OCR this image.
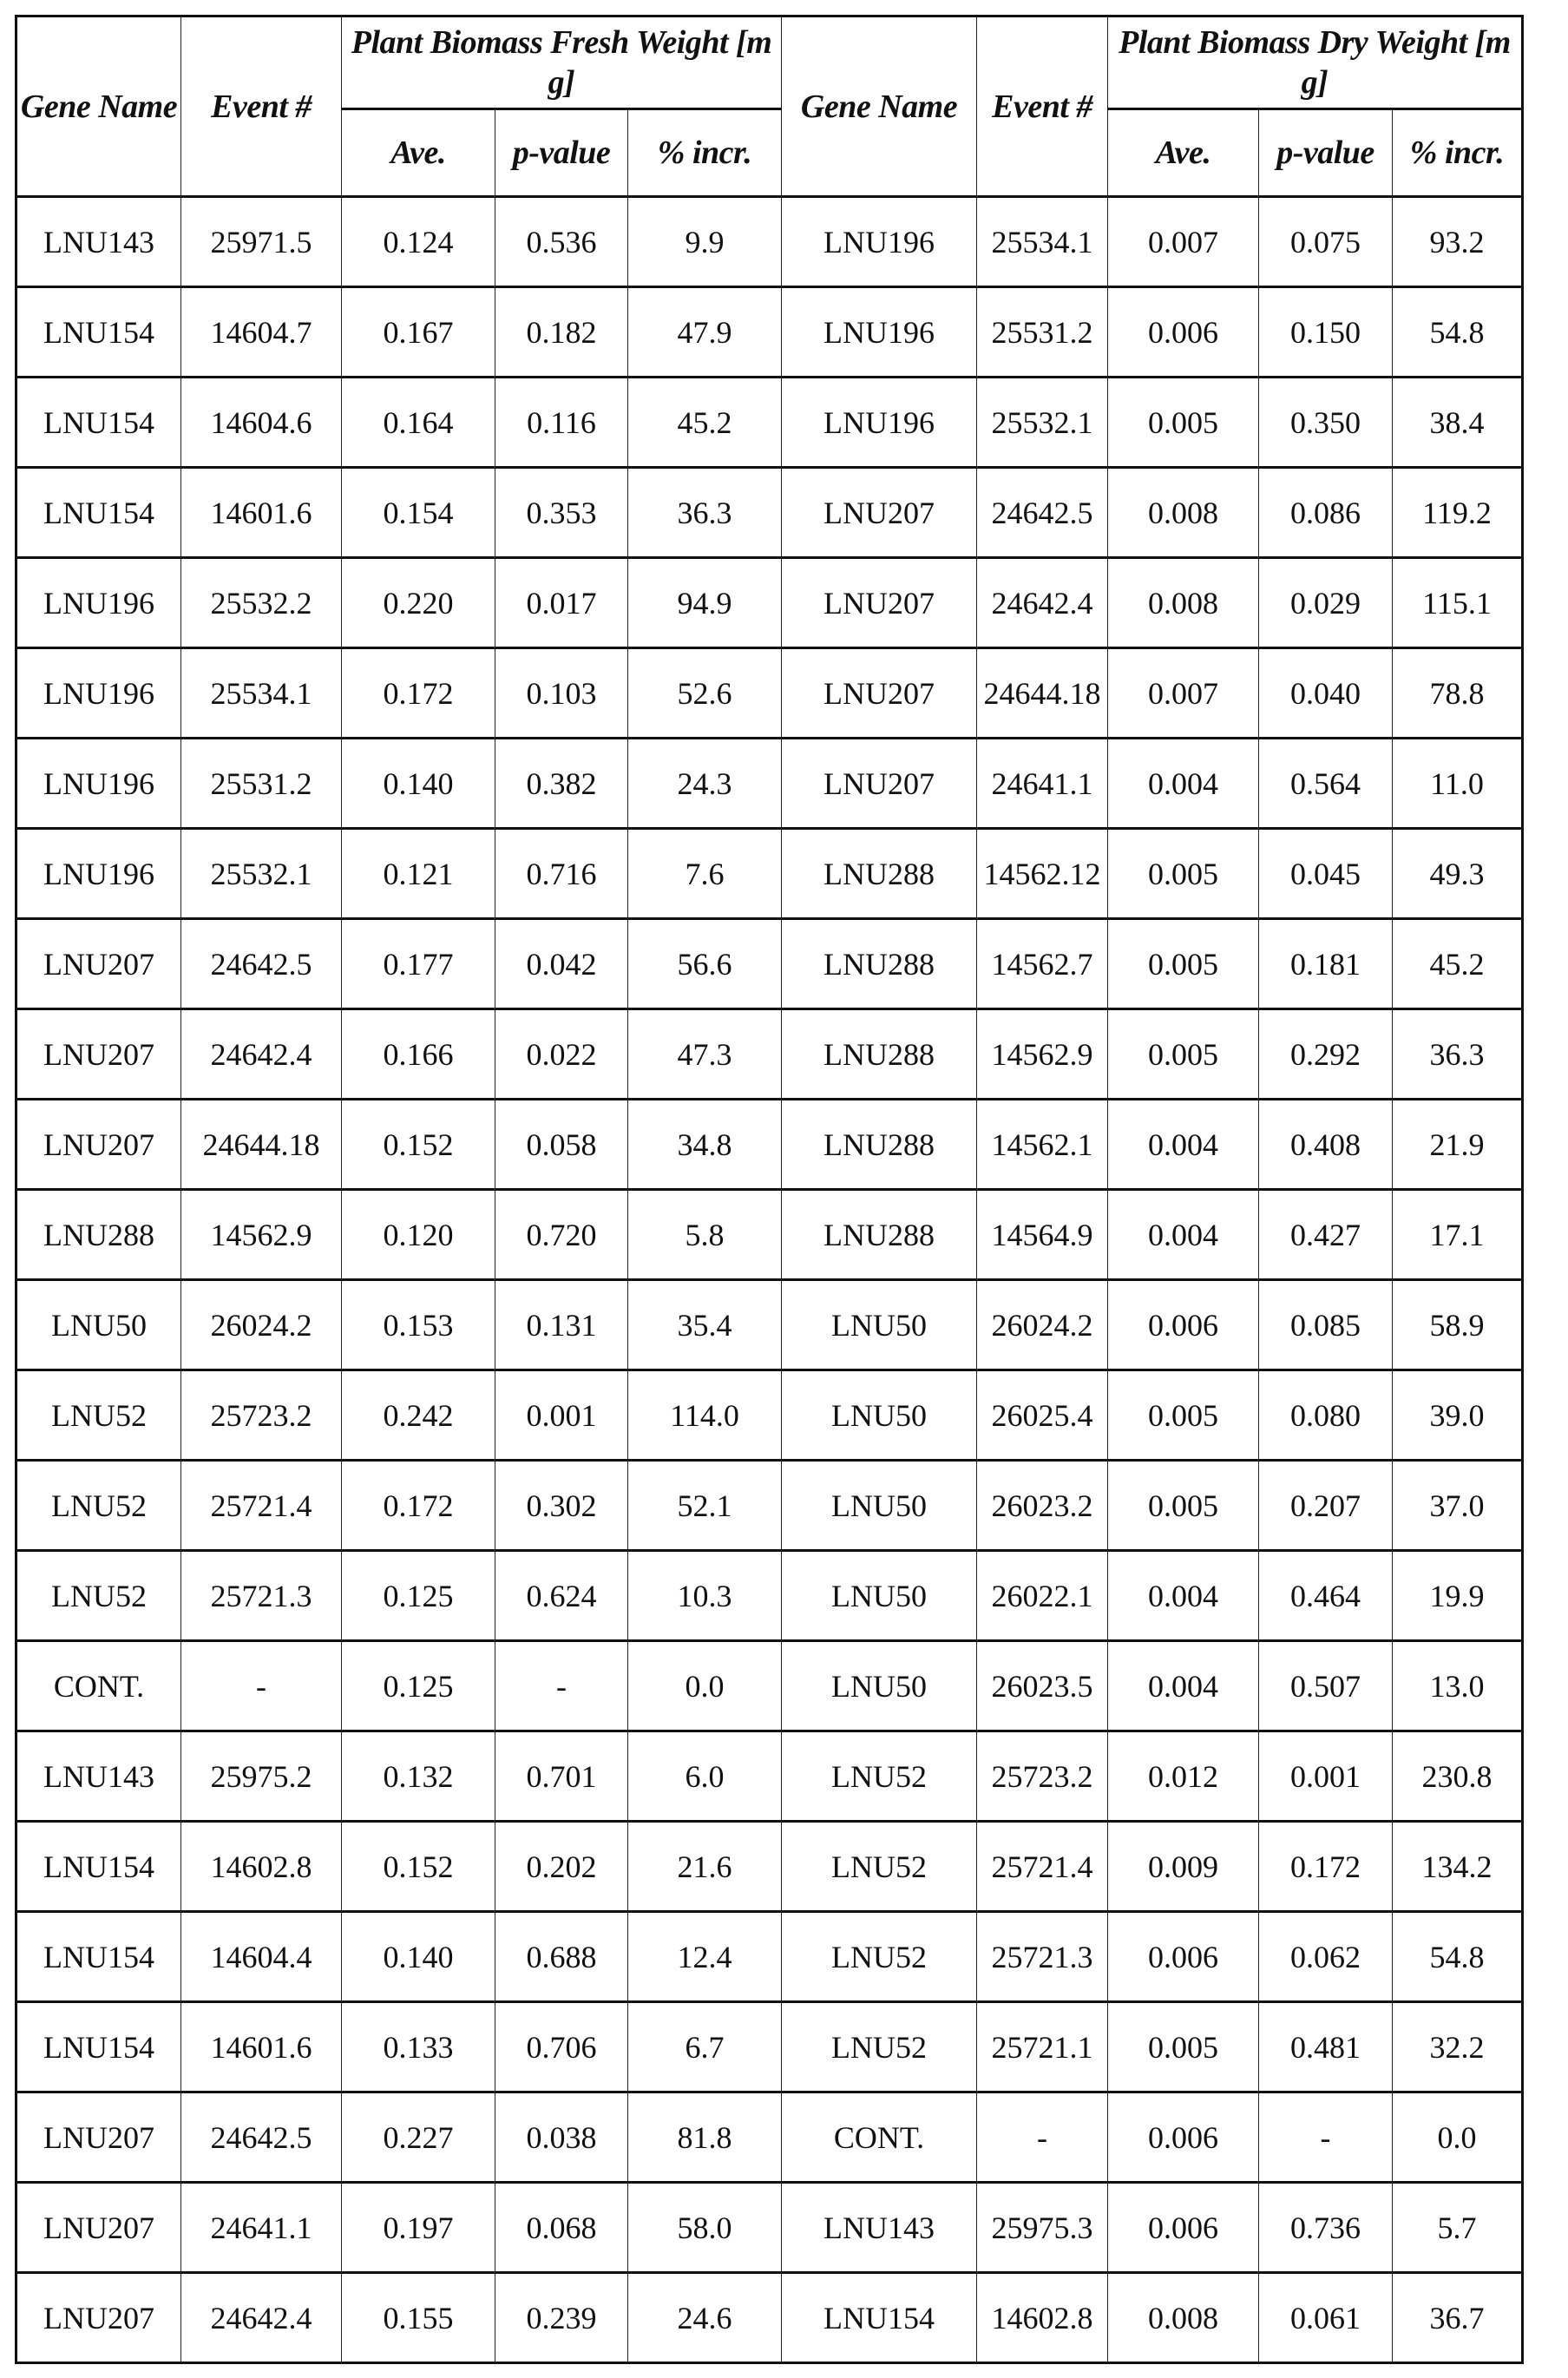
Gene Name	Event #	Plant Biomass Fresh Weight [mg]			Gene Name	Event #	Plant Biomass Dry Weight [mg]		
		Ave.	p-value	% incr.			Ave.	p-value	% incr.
LNU143	25971.5	0.124	0.536	9.9	LNU196	25534.1	0.007	0.075	93.2
LNU154	14604.7	0.167	0.182	47.9	LNU196	25531.2	0.006	0.150	54.8
LNU154	14604.6	0.164	0.116	45.2	LNU196	25532.1	0.005	0.350	38.4
LNU154	14601.6	0.154	0.353	36.3	LNU207	24642.5	0.008	0.086	119.2
LNU196	25532.2	0.220	0.017	94.9	LNU207	24642.4	0.008	0.029	115.1
LNU196	25534.1	0.172	0.103	52.6	LNU207	24644.18	0.007	0.040	78.8
LNU196	25531.2	0.140	0.382	24.3	LNU207	24641.1	0.004	0.564	11.0
LNU196	25532.1	0.121	0.716	7.6	LNU288	14562.12	0.005	0.045	49.3
LNU207	24642.5	0.177	0.042	56.6	LNU288	14562.7	0.005	0.181	45.2
LNU207	24642.4	0.166	0.022	47.3	LNU288	14562.9	0.005	0.292	36.3
LNU207	24644.18	0.152	0.058	34.8	LNU288	14562.1	0.004	0.408	21.9
LNU288	14562.9	0.120	0.720	5.8	LNU288	14564.9	0.004	0.427	17.1
LNU50	26024.2	0.153	0.131	35.4	LNU50	26024.2	0.006	0.085	58.9
LNU52	25723.2	0.242	0.001	114.0	LNU50	26025.4	0.005	0.080	39.0
LNU52	25721.4	0.172	0.302	52.1	LNU50	26023.2	0.005	0.207	37.0
LNU52	25721.3	0.125	0.624	10.3	LNU50	26022.1	0.004	0.464	19.9
CONT.	-	0.125	-	0.0	LNU50	26023.5	0.004	0.507	13.0
LNU143	25975.2	0.132	0.701	6.0	LNU52	25723.2	0.012	0.001	230.8
LNU154	14602.8	0.152	0.202	21.6	LNU52	25721.4	0.009	0.172	134.2
LNU154	14604.4	0.140	0.688	12.4	LNU52	25721.3	0.006	0.062	54.8
LNU154	14601.6	0.133	0.706	6.7	LNU52	25721.1	0.005	0.481	32.2
LNU207	24642.5	0.227	0.038	81.8	CONT.	-	0.006	-	0.0
LNU207	24641.1	0.197	0.068	58.0	LNU143	25975.3	0.006	0.736	5.7
LNU207	24642.4	0.155	0.239	24.6	LNU154	14602.8	0.008	0.061	36.7
